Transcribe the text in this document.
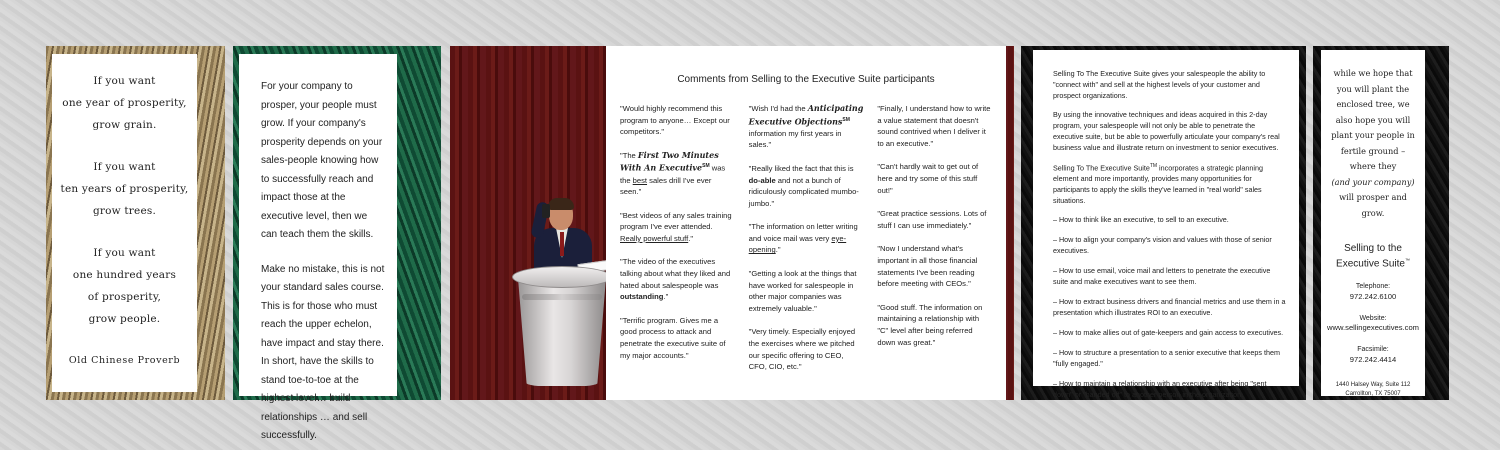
If you want
one year of prosperity,
grow grain.
If you want
ten years of prosperity,
grow trees.
If you want
one hundred years
of prosperity,
grow people.
Old Chinese Proverb

For your company to prosper, your people must grow. If your company's prosperity depends on your sales-people knowing how to successfully reach and impact those at the executive level, then we can teach them the skills.

Make no mistake, this is not your standard sales course. This is for those who must reach the upper echelon, have impact and stay there. In short, have the skills to stand toe-to-toe at the highest level… build relationships … and sell successfully.

Comments from Selling to the Executive Suite participants

"Would highly recommend this program to anyone… Except our competitors."

"The First Two Minutes With An Executive℠ was the best sales drill I've ever seen."

"Best videos of any sales training program I've ever attended. Really powerful stuff."

"The video of the executives talking about what they liked and hated about salespeople was outstanding."

"Terrific program. Gives me a good process to attack and penetrate the executive suite of my major accounts."

"Wish I'd had the Anticipating Executive Objections℠ information my first years in sales."

"Really liked the fact that this is do-able and not a bunch of ridiculously complicated mumbo-jumbo."

"The information on letter writing and voice mail was very eye-opening."

"Getting a look at the things that have worked for salespeople in other major companies was extremely valuable."

"Very timely. Especially enjoyed the exercises where we pitched our specific offering to CEO, CFO, CIO, etc."

"Finally, I understand how to write a value statement that doesn't sound contrived when I deliver it to an executive."

"Can't hardly wait to get out of here and try some of this stuff out!"

"Great practice sessions. Lots of stuff I can use immediately."

"Now I understand what's important in all those financial statements I've been reading before meeting with CEOs."

"Good stuff. The information on maintaining a relationship with "C" level after being referred down was great."

Selling To The Executive Suite gives your salespeople the ability to "connect with" and sell at the highest levels of your customer and prospect organizations.

By using the innovative techniques and ideas acquired in this 2-day program, your salespeople will not only be able to penetrate the executive suite, but be able to powerfully articulate your company's real business value and illustrate return on investment to senior executives.

Selling To The Executive Suite™ incorporates a strategic planning element and more importantly, provides many opportunities for participants to apply the skills they've learned in "real world" sales situations.

– How to think like an executive, to sell to an executive.
– How to align your company's vision and values with those of senior executives.
– How to use email, voice mail and letters to penetrate the executive suite and make executives want to see them.
– How to extract business drivers and financial metrics and use them in a presentation which illustrates ROI to an executive.
– How to make allies out of gate-keepers and gain access to executives.
– How to structure a presentation to a senior executive that keeps them "fully engaged."
– How to maintain a relationship with an executive after being "sent down" or "handed off" to another person in the organization.
while we hope that you will plant the enclosed tree, we also hope you will plant your people in fertile ground –
where they
(and your company)
will prosper and grow.
Selling to the Executive Suite™
Telephone:
972.242.6100
Website:
www.sellingexecutives.com
Facsimile:
972.242.4414
1440 Halsey Way, Suite 112
Carrollton, TX 75007
